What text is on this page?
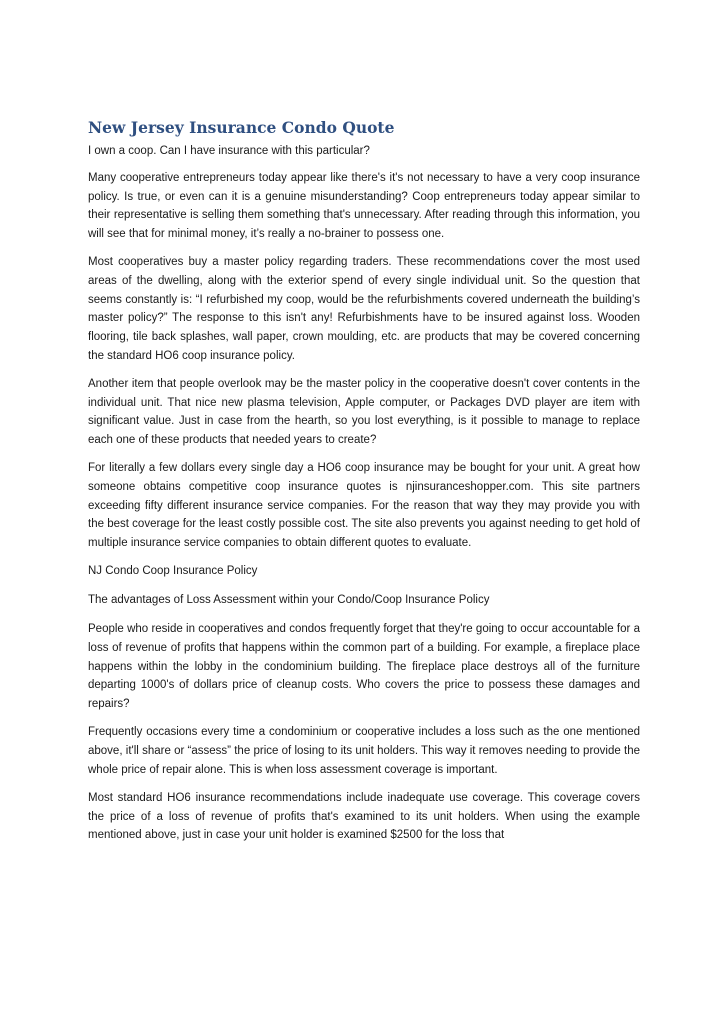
New Jersey Insurance Condo Quote

I own a coop. Can I have insurance with this particular?

Many cooperative entrepreneurs today appear like there's it's not necessary to have a very coop insurance policy. Is true, or even can it is a genuine misunderstanding? Coop entrepreneurs today appear similar to their representative is selling them something that's unnecessary. After reading through this information, you will see that for minimal money, it’s really a no-brainer to possess one.

Most cooperatives buy a master policy regarding traders. These recommendations cover the most used areas of the dwelling, along with the exterior spend of every single individual unit. So the question that seems constantly is: “I refurbished my coop, would be the refurbishments covered underneath the building’s master policy?” The response to this isn't any! Refurbishments have to be insured against loss. Wooden flooring, tile back splashes, wall paper, crown moulding, etc. are products that may be covered concerning the standard HO6 coop insurance policy.

Another item that people overlook may be the master policy in the cooperative doesn't cover contents in the individual unit. That nice new plasma television, Apple computer, or Packages DVD player are item with significant value. Just in case from the hearth, so you lost everything, is it possible to manage to replace each one of these products that needed years to create?

For literally a few dollars every single day a HO6 coop insurance may be bought for your unit. A great how someone obtains competitive coop insurance quotes is njinsuranceshopper.com. This site partners exceeding fifty different insurance service companies. For the reason that way they may provide you with the best coverage for the least costly possible cost. The site also prevents you against needing to get hold of multiple insurance service companies to obtain different quotes to evaluate.

NJ Condo Coop Insurance Policy

The advantages of Loss Assessment within your Condo/Coop Insurance Policy

People who reside in cooperatives and condos frequently forget that they're going to occur accountable for a loss of revenue of profits that happens within the common part of a building. For example, a fireplace place happens within the lobby in the condominium building. The fireplace place destroys all of the furniture departing 1000's of dollars price of cleanup costs. Who covers the price to possess these damages and repairs?

Frequently occasions every time a condominium or cooperative includes a loss such as the one mentioned above, it'll share or “assess” the price of losing to its unit holders. This way it removes needing to provide the whole price of repair alone. This is when loss assessment coverage is important.

Most standard HO6 insurance recommendations include inadequate use coverage. This coverage covers the price of a loss of revenue of profits that's examined to its unit holders. When using the example mentioned above, just in case your unit holder is examined $2500 for the loss that
